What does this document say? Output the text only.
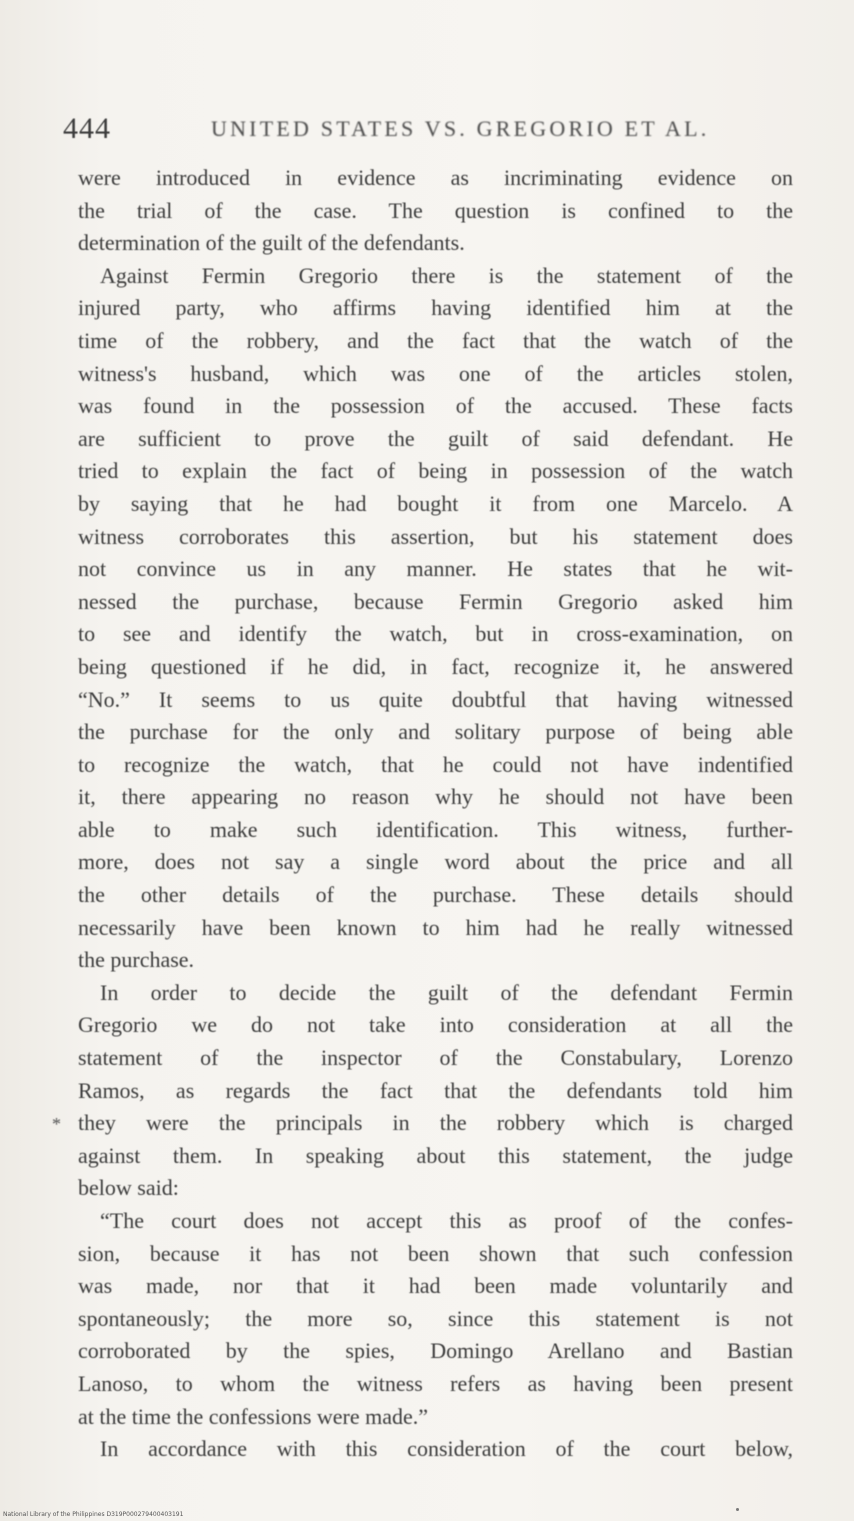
444	UNITED STATES VS. GREGORIO ET AL.
were introduced in evidence as incriminating evidence on
the trial of the case. The question is confined to the
determination of the guilt of the defendants.
Against Fermin Gregorio there is the statement of the
injured party, who affirms having identified him at the
time of the robbery, and the fact that the watch of the
witness's husband, which was one of the articles stolen,
was found in the possession of the accused. These facts
are sufficient to prove the guilt of said defendant. He
tried to explain the fact of being in possession of the watch
by saying that he had bought it from one Marcelo. A
witness corroborates this assertion, but his statement does
not convince us in any manner. He states that he wit-
nessed the purchase, because Fermin Gregorio asked him
to see and identify the watch, but in cross-examination, on
being questioned if he did, in fact, recognize it, he answered
“No.” It seems to us quite doubtful that having witnessed
the purchase for the only and solitary purpose of being able
to recognize the watch, that he could not have indentified
it, there appearing no reason why he should not have been
able to make such identification. This witness, further-
more, does not say a single word about the price and all
the other details of the purchase. These details should
necessarily have been known to him had he really witnessed
the purchase.
In order to decide the guilt of the defendant Fermin
Gregorio we do not take into consideration at all the
statement of the inspector of the Constabulary, Lorenzo
Ramos, as regards the fact that the defendants told him
they were the principals in the robbery which is charged
against them. In speaking about this statement, the judge
below said:
“The court does not accept this as proof of the confes-
sion, because it has not been shown that such confession
was made, nor that it had been made voluntarily and
spontaneously; the more so, since this statement is not
corroborated by the spies, Domingo Arellano and Bastian
Lanoso, to whom the witness refers as having been present
at the time the confessions were made.”
In accordance with this consideration of the court below,
*
National Library of the Philippines D319P000279400403191
